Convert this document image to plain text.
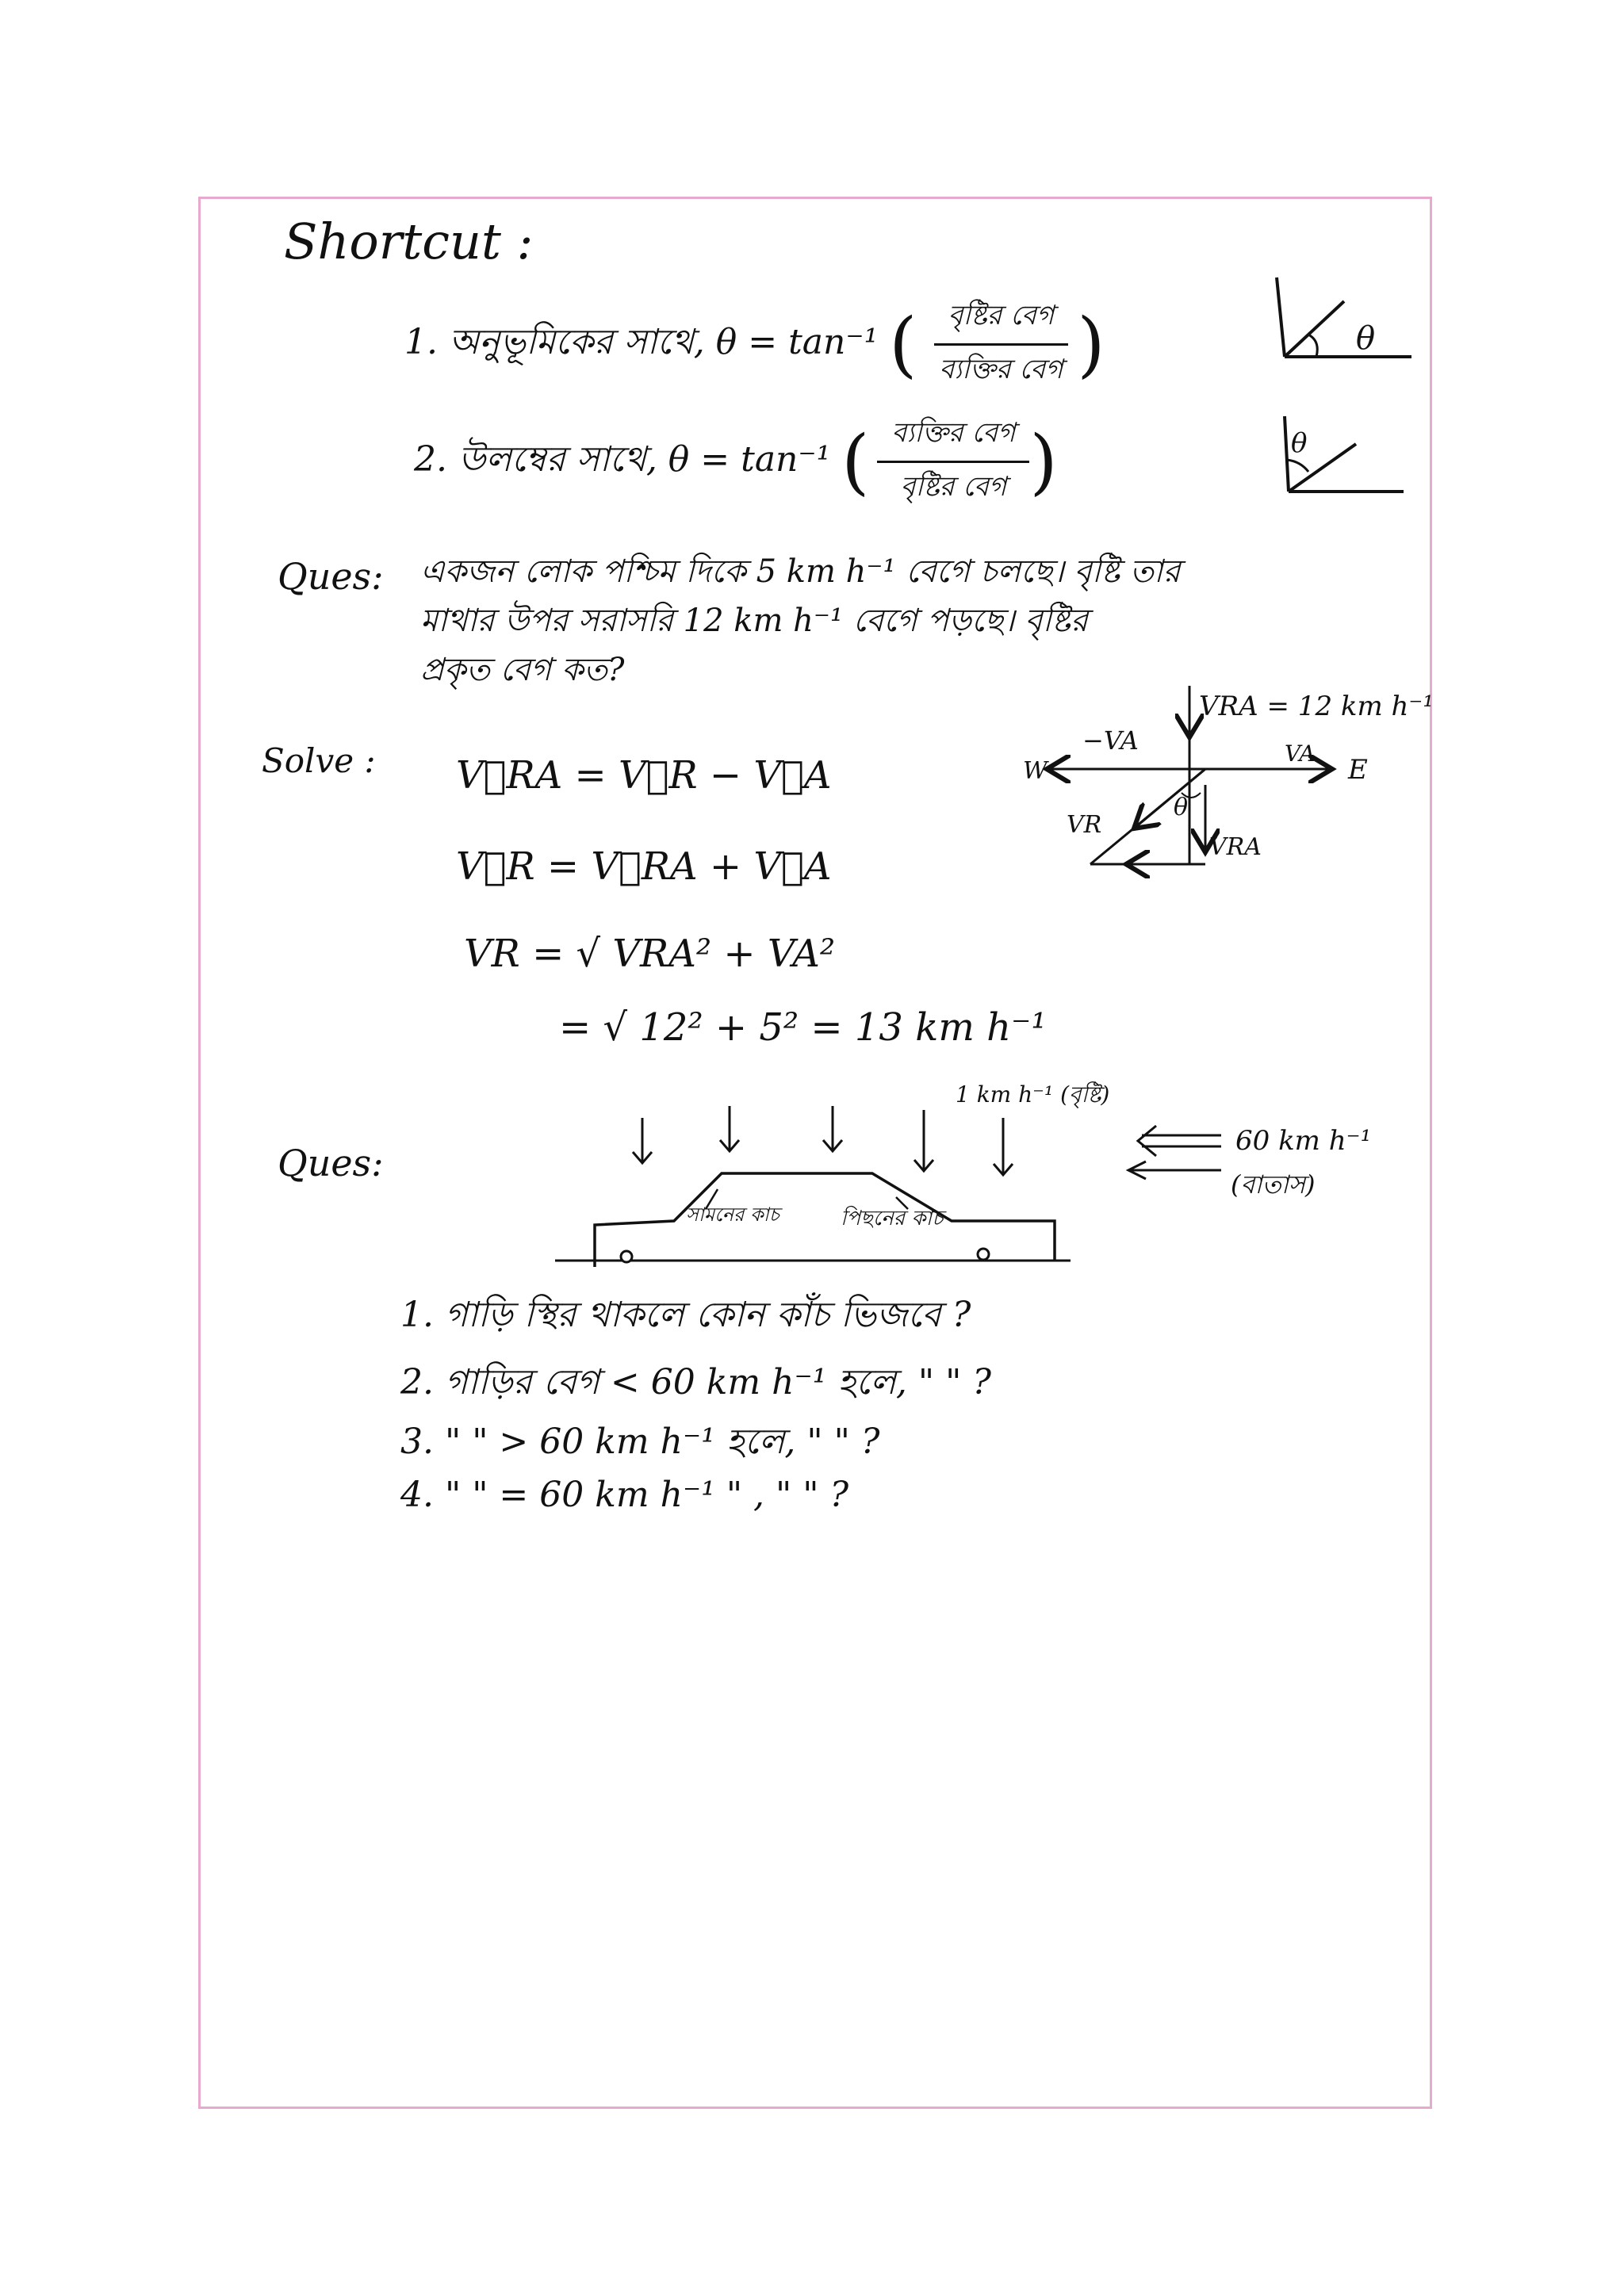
Shortcut :
1. অনুভূমিকের সাথে, θ = tan⁻¹ ( $\frac{\text{বৃষ্টির বেগ}}{\text{ব্যক্তির বেগ}}$ )
2. উলম্বের সাথে, θ = tan⁻¹ ( $\frac{\text{ব্যক্তির বেগ}}{\text{বৃষ্টির বেগ}}$ )
θ
θ
Ques: একজন লোক পশ্চিম দিকে 5 km h⁻¹ বেগে চলছে। বৃষ্টি তার
মাথার উপর সরাসরি 12 km h⁻¹ বেগে পড়ছে। বৃষ্টির
প্রকৃত বেগ কত?
Solve : V⃗RA = V⃗R − V⃗A
V⃗R = V⃗RA + V⃗A
VR = √ VRA² + VA²
= √ 12² + 5² = 13 km h⁻¹
VRA = 12 km h⁻¹
−VA	VA
W	E
VR
θ
VRA
Ques:
সামনের কাচ	পিছনের কাচ
1 km h⁻¹ (বৃষ্টি)
60 km h⁻¹
(বাতাস)
1. গাড়ি স্থির থাকলে কোন কাঁচ ভিজবে ?
2. গাড়ির বেগ < 60 km h⁻¹ হলে, " " ?
3. " " > 60 km h⁻¹ হলে, " " ?
4. " " = 60 km h⁻¹ " , " " ?
